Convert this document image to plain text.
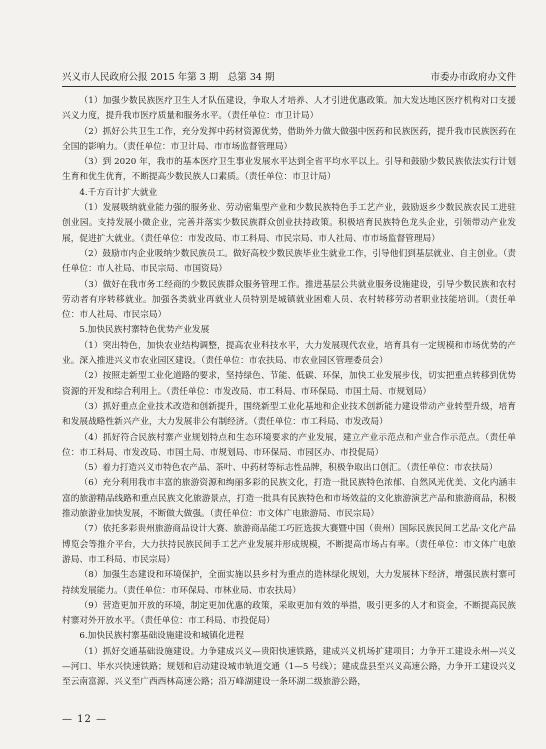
兴义市人民政府公报 2015 年第 3 期　总第 34 期	市委办市政府办文件

（1）加强少数民族医疗卫生人才队伍建设，争取人才培养、人才引进优惠政策。加大发达地区医疗机构对口支援兴义力度，提升我市医疗质量和服务水平。（责任单位：市卫计局）

（2）抓好公共卫生工作，充分发挥中药材资源优势，借助外力做大做强中医药和民族医药，提升我市民族医药在全国的影响力。（责任单位：市卫计局、市市场监督管理局）

（3）到 2020 年，我市的基本医疗卫生事业发展水平达到全省平均水平以上。引导和鼓励少数民族依法实行计划生育和优生优育，不断提高少数民族人口素质。（责任单位：市卫计局）

4.千方百计扩大就业

（1）发展吸纳就业能力强的服务业、劳动密集型产业和少数民族特色手工艺产业，鼓励返乡少数民族农民工进驻创业园。支持发展小微企业，完善并落实少数民族群众创业扶持政策。积极培育民族特色龙头企业，引领带动产业发展，促进扩大就业。（责任单位：市发改局、市工科局、市民宗局、市人社局、市市场监督管理局）

（2）鼓励市内企业吸纳少数民族员工。做好高校少数民族毕业生就业工作，引导他们到基层就业、自主创业。（责任单位：市人社局、市民宗局、市国资局）

（3）做好在我市务工经商的少数民族群众服务管理工作。推进基层公共就业服务设施建设，引导少数民族和农村劳动者有序转移就业。加强各类就业再就业人员特别是城镇就业困难人员、农村转移劳动者职业技能培训。（责任单位：市人社局、市民宗局）

5.加快民族村寨特色优势产业发展

（1）突出特色，加快农业结构调整，提高农业科技水平，大力发展现代农业，培育具有一定规模和市场优势的产业。深入推进兴义市农业园区建设。（责任单位：市农扶局、市农业园区管理委员会）

（2）按照走新型工业化道路的要求，坚持绿色、节能、低碳、环保，加快工业发展步伐，切实把重点转移到优势资源的开发和综合利用上。（责任单位：市发改局、市工科局、市环保局、市国土局、市规划局）

（3）抓好重点企业技术改造和创新提升，围绕新型工业化基地和企业技术创新能力建设带动产业转型升级，培育和发展战略性新兴产业，大力发展非公有制经济。（责任单位：市工科局、市发改局）

（4）抓好符合民族村寨产业规划特点和生态环境要求的产业发展，建立产业示范点和产业合作示范点。（责任单位：市工科局、市发改局、市国土局、市规划局、市环保局、市园区办、市投促局）

（5）着力打造兴义市特色农产品、茶叶、中药材等标志性品牌，积极争取出口创汇。（责任单位：市农扶局）

（6）充分利用我市丰富的旅游资源和绚丽多彩的民族文化，打造一批民族特色浓郁、自然风光优美、文化内涵丰富的旅游精品线路和重点民族文化旅游景点，打造一批具有民族特色和市场效益的文化旅游演艺产品和旅游商品，积极推动旅游业加快发展，不断做大做强。（责任单位：市文体广电旅游局、市民宗局）

（7）依托多彩贵州旅游商品设计大赛、旅游商品能工巧匠选拔大赛暨中国（贵州）国际民族民间工艺品·文化产品博览会等推介平台，大力扶持民族民间手工艺产业发展并形成规模，不断提高市场占有率。（责任单位：市文体广电旅游局、市工科局、市民宗局）

（8）加强生态建设和环境保护，全面实施以县乡村为重点的造林绿化规划，大力发展林下经济，增强民族村寨可持续发展能力。（责任单位：市环保局、市林业局、市农扶局）

（9）营造更加开放的环境，制定更加优惠的政策，采取更加有效的举措，吸引更多的人才和资金，不断提高民族村寨对外开放水平。（责任单位：市工科局、市投促局）

6.加快民族村寨基础设施建设和城镇化进程

（1）抓好交通基础设施建设。力争建成兴义—贵阳快速铁路，建成兴义机场扩建项目；力争开工建设永州—兴义—河口、毕水兴快速铁路；规划和启动建设城市轨道交通（1—5 号线）；建成盘县至兴义高速公路，力争开工建设兴义至云南富源、兴义至广西西林高速公路；沿万峰湖建设一条环湖二级旅游公路，

— 12 —
